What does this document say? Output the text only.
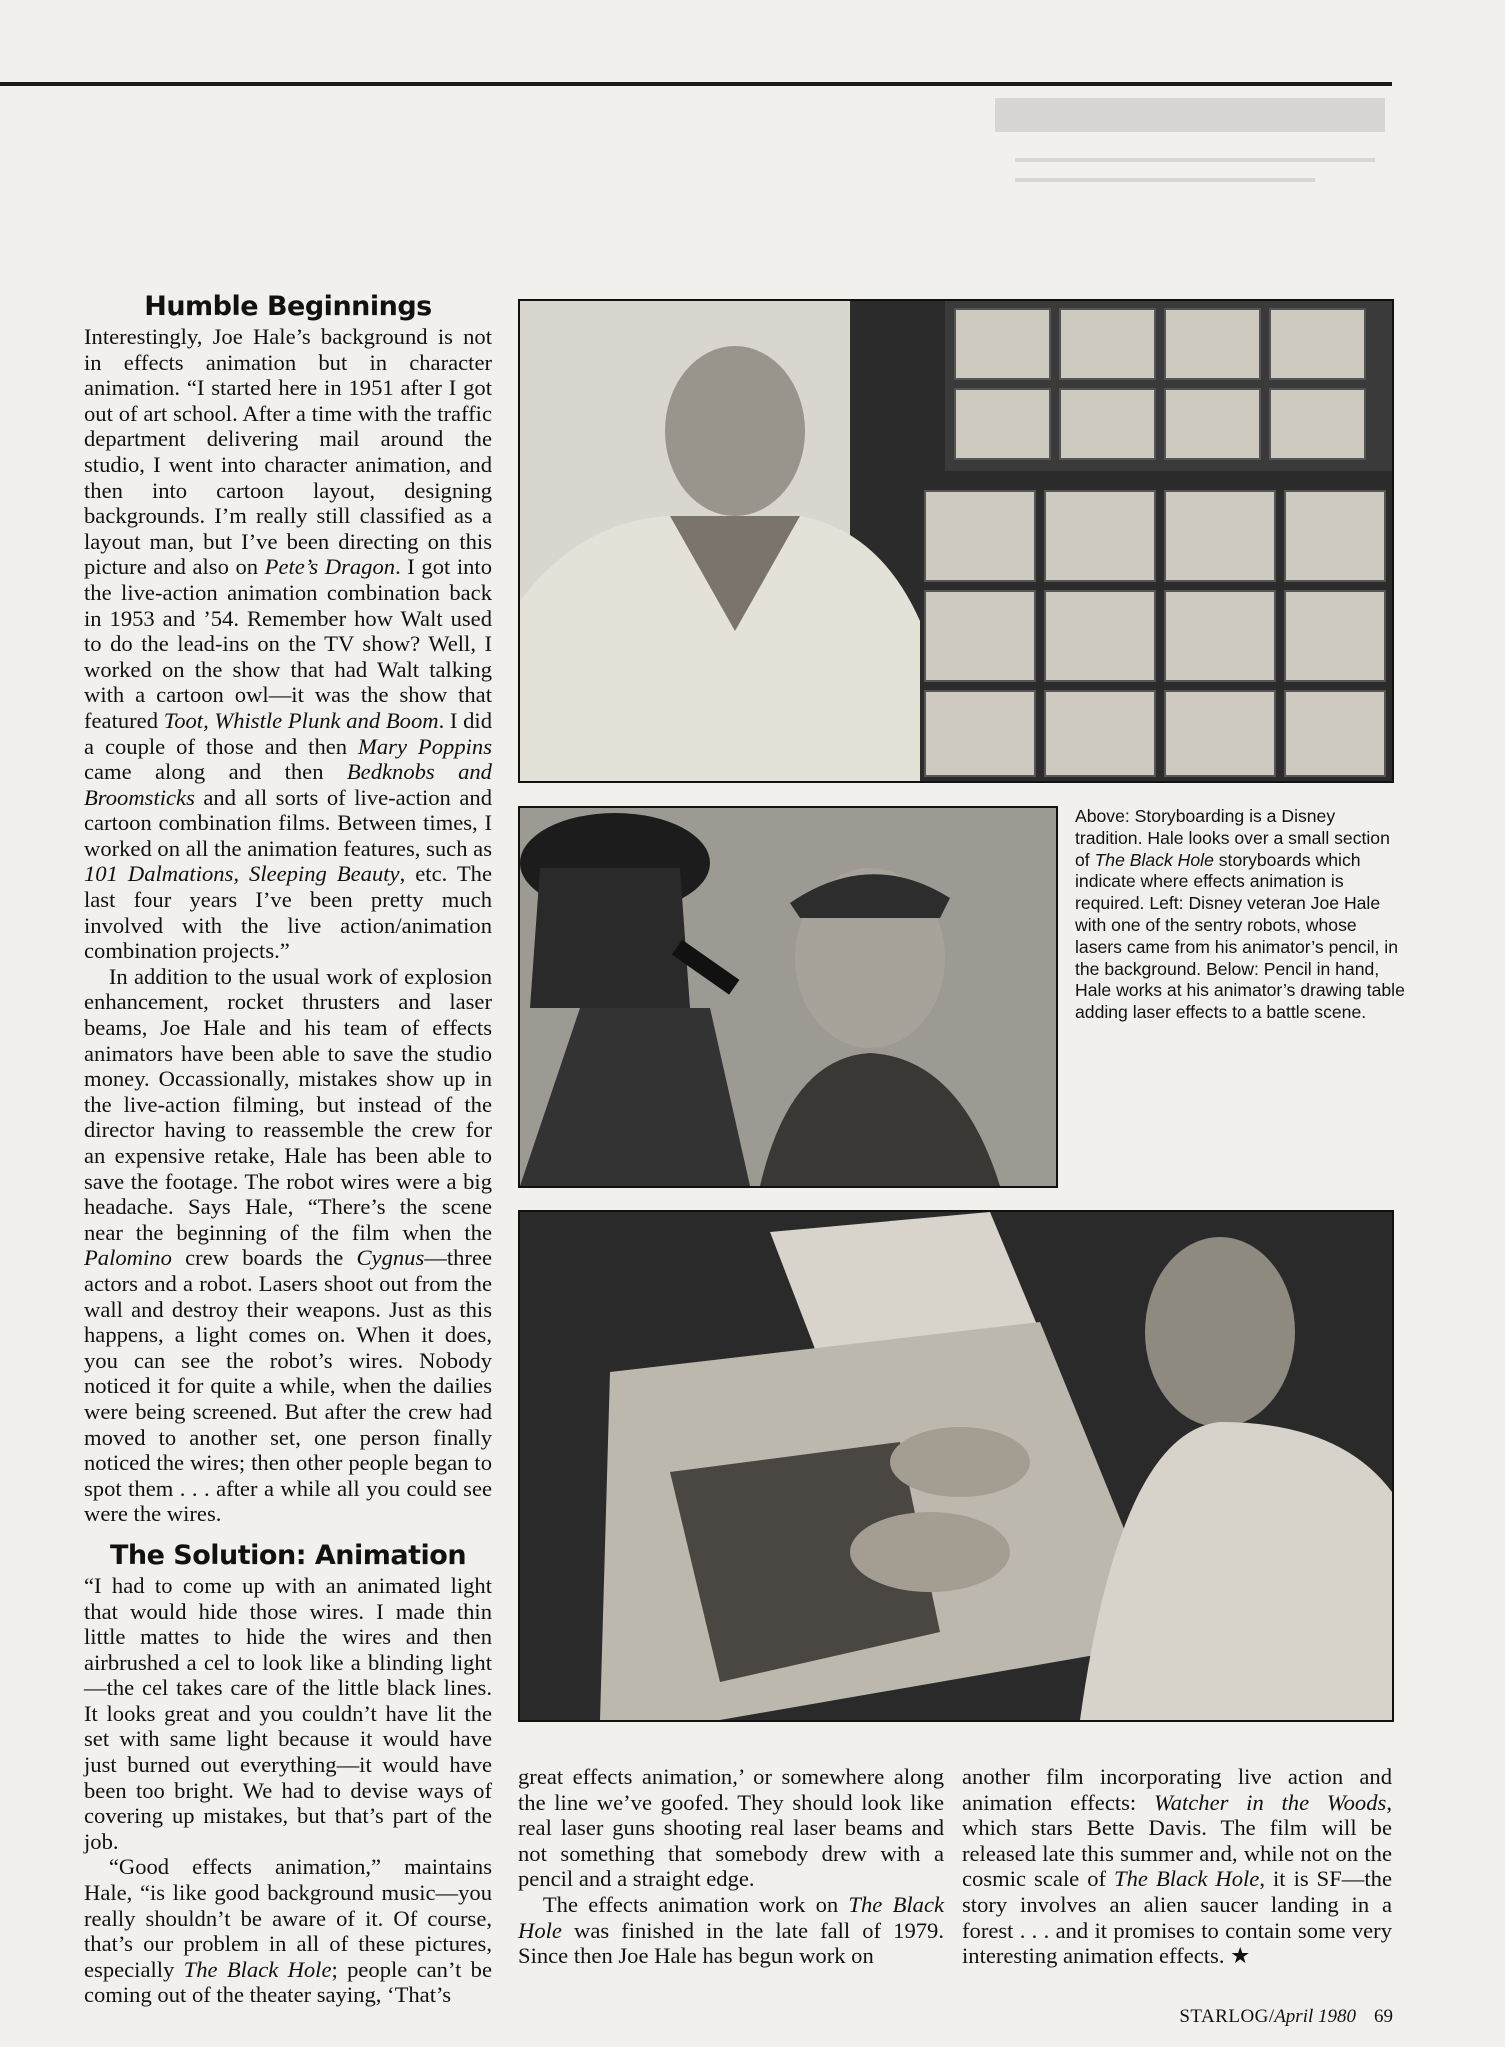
Humble Beginnings

Interestingly, Joe Hale’s background is not in effects animation but in character animation. “I started here in 1951 after I got out of art school. After a time with the traffic department delivering mail around the studio, I went into character animation, and then into cartoon layout, designing backgrounds. I’m really still classified as a layout man, but I’ve been directing on this picture and also on Pete’s Dragon. I got into the live-action animation combination back in 1953 and ’54. Remember how Walt used to do the lead-ins on the TV show? Well, I worked on the show that had Walt talking with a cartoon owl—it was the show that featured Toot, Whistle Plunk and Boom. I did a couple of those and then Mary Poppins came along and then Bedknobs and Broomsticks and all sorts of live-action and cartoon combination films. Between times, I worked on all the animation features, such as 101 Dalmations, Sleeping Beauty, etc. The last four years I’ve been pretty much involved with the live action/animation combination projects.”

In addition to the usual work of explosion enhancement, rocket thrusters and laser beams, Joe Hale and his team of effects animators have been able to save the studio money. Occassionally, mistakes show up in the live-action filming, but instead of the director having to reassemble the crew for an expensive retake, Hale has been able to save the footage. The robot wires were a big headache. Says Hale, “There’s the scene near the beginning of the film when the Palomino crew boards the Cygnus—three actors and a robot. Lasers shoot out from the wall and destroy their weapons. Just as this happens, a light comes on. When it does, you can see the robot’s wires. Nobody noticed it for quite a while, when the dailies were being screened. But after the crew had moved to another set, one person finally noticed the wires; then other people began to spot them . . . after a while all you could see were the wires.

The Solution: Animation

“I had to come up with an animated light that would hide those wires. I made thin little mattes to hide the wires and then airbrushed a cel to look like a blinding light—the cel takes care of the little black lines. It looks great and you couldn’t have lit the set with same light because it would have just burned out everything—it would have been too bright. We had to devise ways of covering up mistakes, but that’s part of the job.

“Good effects animation,” maintains Hale, “is like good background music—you really shouldn’t be aware of it. Of course, that’s our problem in all of these pictures, especially The Black Hole; people can’t be coming out of the theater saying, ‘That’s

Above: Storyboarding is a Disney tradition. Hale looks over a small section of The Black Hole storyboards which indicate where effects animation is required. Left: Disney veteran Joe Hale with one of the sentry robots, whose lasers came from his animator’s pencil, in the background. Below: Pencil in hand, Hale works at his animator’s drawing table adding laser effects to a battle scene.

great effects animation,’ or somewhere along the line we’ve goofed. They should look like real laser guns shooting real laser beams and not something that somebody drew with a pencil and a straight edge.

The effects animation work on The Black Hole was finished in the late fall of 1979. Since then Joe Hale has begun work on

another film incorporating live action and animation effects: Watcher in the Woods, which stars Bette Davis. The film will be released late this summer and, while not on the cosmic scale of The Black Hole, it is SF—the story involves an alien saucer landing in a forest . . . and it promises to contain some very interesting animation effects. ★

STARLOG/April 1980 69
